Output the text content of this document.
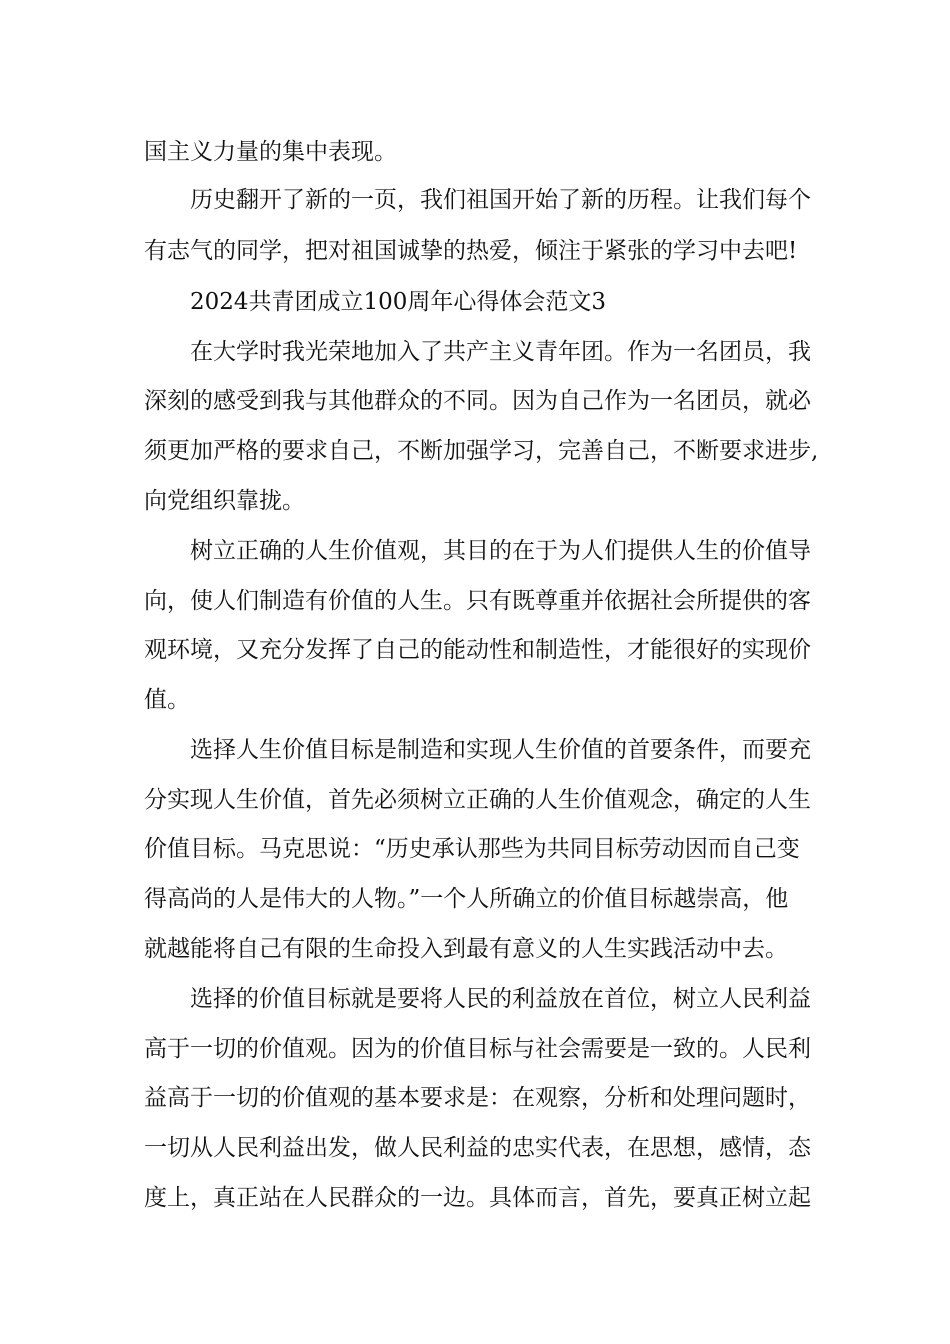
国主义力量的集中表现。
历史翻开了新的一页，我们祖国开始了新的历程。让我们每个
有志气的同学，把对祖国诚挚的热爱，倾注于紧张的学习中去吧!
2024共青团成立100周年心得体会范文3
在大学时我光荣地加入了共产主义青年团。作为一名团员，我
深刻的感受到我与其他群众的不同。因为自己作为一名团员，就必
须更加严格的要求自己，不断加强学习，完善自己，不断要求进步,
向党组织靠拢。
树立正确的人生价值观，其目的在于为人们提供人生的价值导
向，使人们制造有价值的人生。只有既尊重并依据社会所提供的客
观环境，又充分发挥了自己的能动性和制造性，才能很好的实现价
值。
选择人生价值目标是制造和实现人生价值的首要条件，而要充
分实现人生价值，首先必须树立正确的人生价值观念，确定的人生
价值目标。马克思说：“历史承认那些为共同目标劳动因而自己变
得高尚的人是伟大的人物。”一个人所确立的价值目标越崇高，他
就越能将自己有限的生命投入到最有意义的人生实践活动中去。
选择的价值目标就是要将人民的利益放在首位，树立人民利益
高于一切的价值观。因为的价值目标与社会需要是一致的。人民利
益高于一切的价值观的基本要求是：在观察，分析和处理问题时，
一切从人民利益出发，做人民利益的忠实代表，在思想，感情，态
度上，真正站在人民群众的一边。具体而言，首先，要真正树立起
